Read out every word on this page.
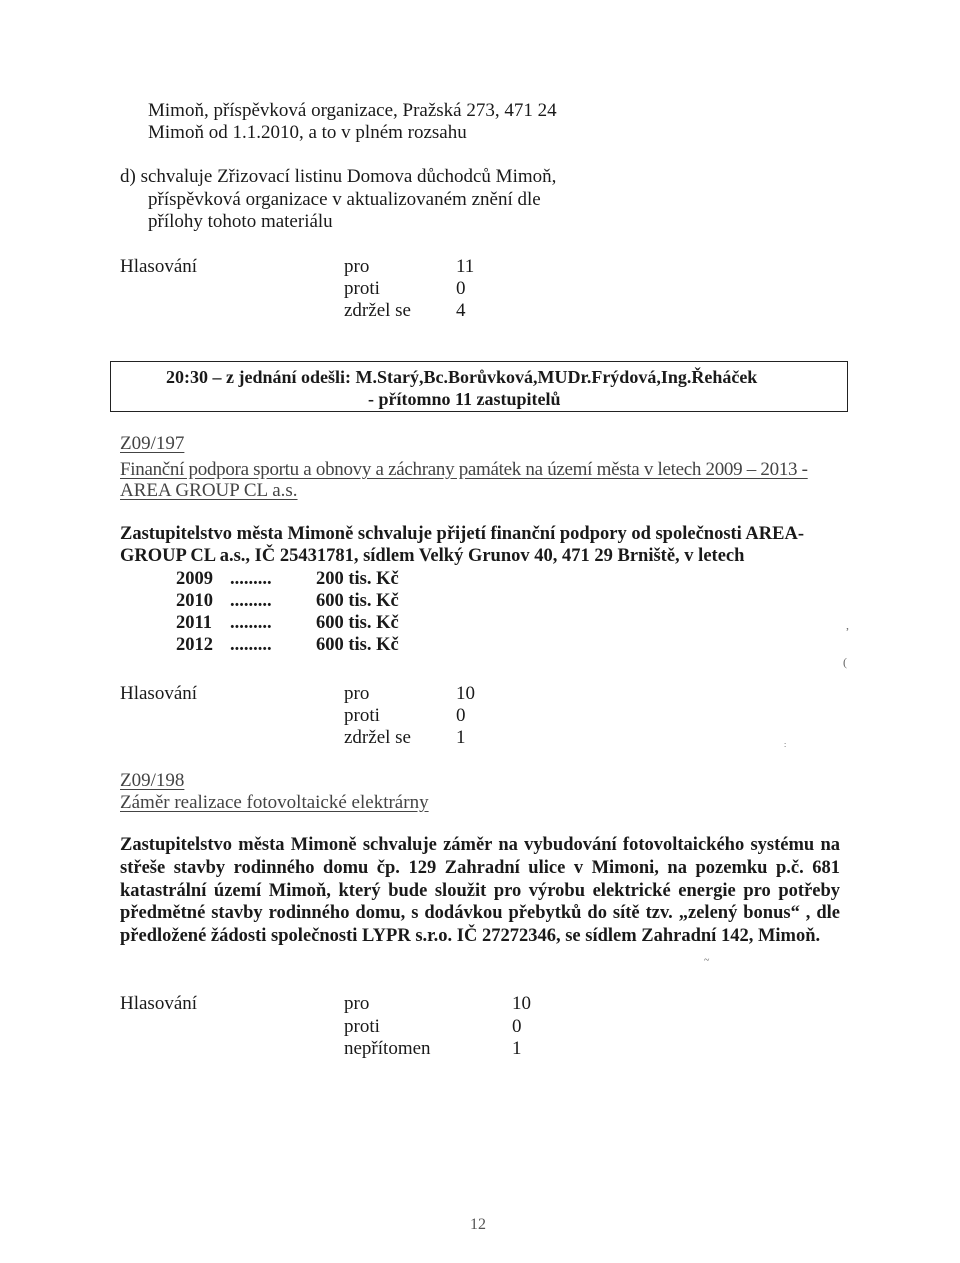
Mimoň, příspěvková organizace, Pražská 273, 471 24
Mimoň od 1.1.2010, a to v plném rozsahu
d) schvaluje Zřizovací listinu Domova důchodců Mimoň,
příspěvková organizace v aktualizovaném znění dle
přílohy tohoto materiálu
Hlasování	pro	11
proti	0
zdržel se 4
20:30 – z jednání odešli: M.Starý,Bc.Borůvková,MUDr.Frýdová,Ing.Řeháček
- přítomno 11 zastupitelů
Z09/197
Finanční podpora sportu a obnovy a záchrany památek na území města v letech 2009 – 2013 -
AREA GROUP CL a.s.
Zastupitelstvo města Mimoně schvaluje přijetí finanční podpory od společnosti AREA-
GROUP CL a.s., IČ 25431781, sídlem Velký Grunov 40, 471 29 Brniště, v letech
2009 ......... 200 tis. Kč
2010 ......... 600 tis. Kč
2011 ......... 600 tis. Kč
2012 ......... 600 tis. Kč
Hlasování	pro	10
proti	0
zdržel se 1
Z09/198
Záměr realizace fotovoltaické elektrárny
Zastupitelstvo města Mimoně schvaluje záměr na vybudování fotovoltaického systému na střeše stavby rodinného domu čp. 129 Zahradní ulice v Mimoni, na pozemku p.č. 681 katastrální území Mimoň, který bude sloužit pro výrobu elektrické energie pro potřeby předmětné stavby rodinného domu, s dodávkou přebytků do sítě tzv. „zelený bonus“ , dle předložené žádosti společnosti LYPR s.r.o. IČ 27272346, se sídlem Zahradní 142, Mimoň.
Hlasování	pro	10
proti	0
nepřítomen	1
12
,
(
:
~
